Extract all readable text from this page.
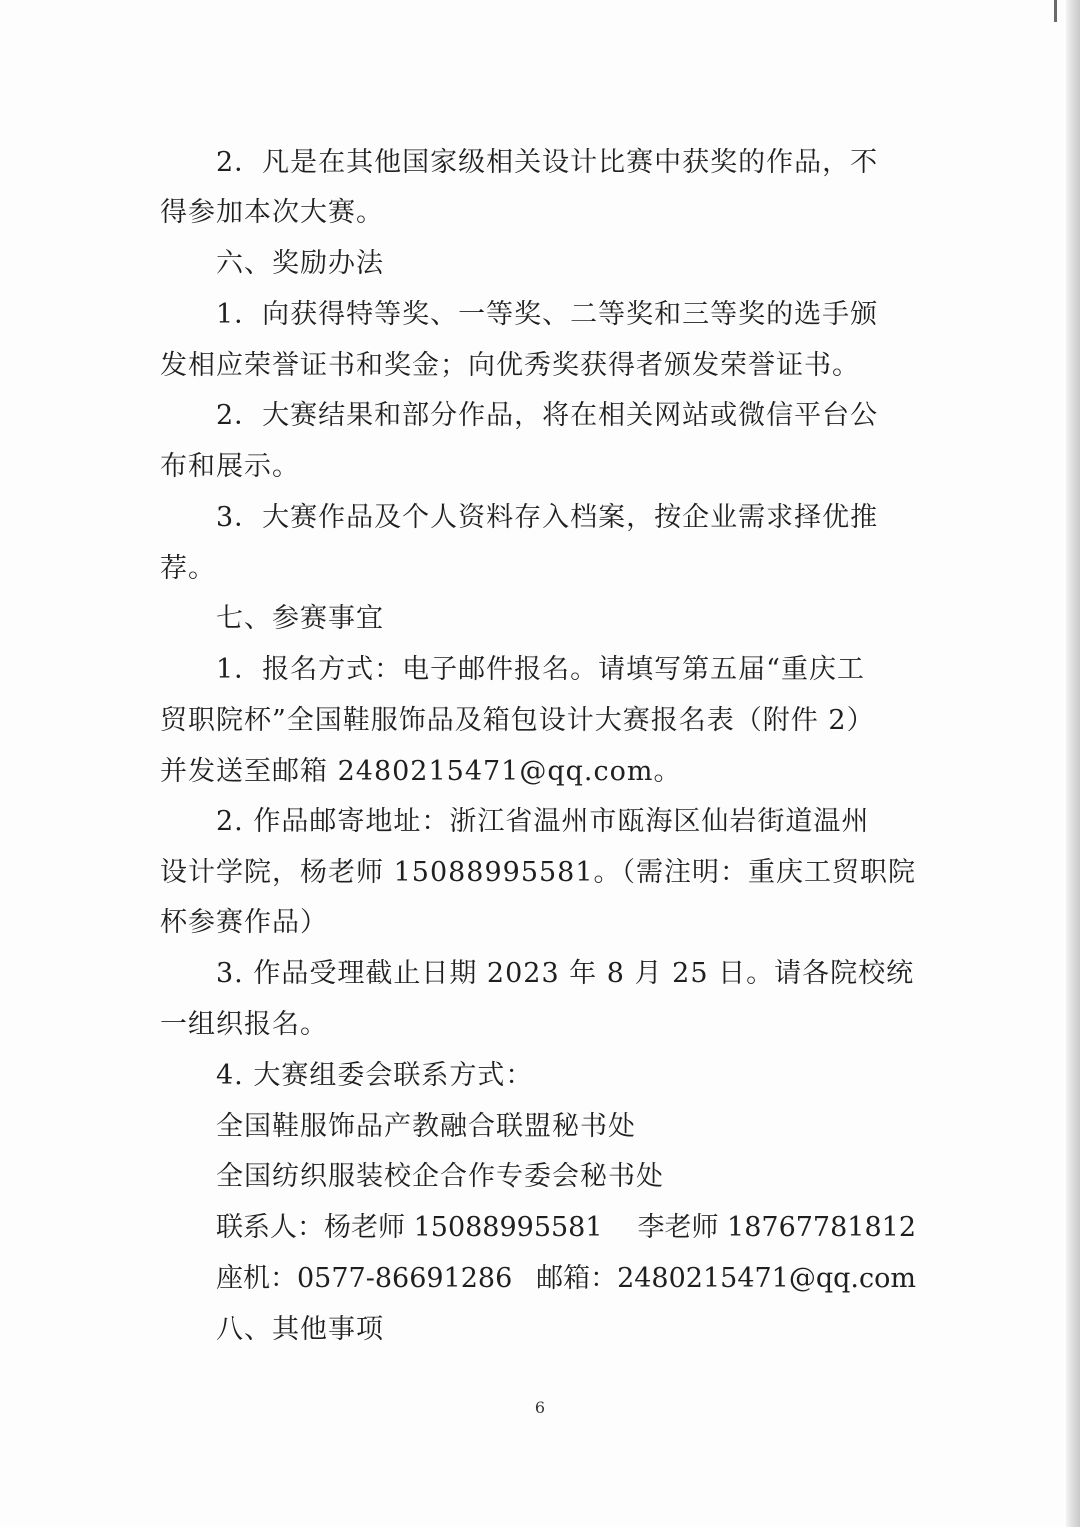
2．凡是在其他国家级相关设计比赛中获奖的作品，不
得参加本次大赛。
六、奖励办法
1．向获得特等奖、一等奖、二等奖和三等奖的选手颁
发相应荣誉证书和奖金；向优秀奖获得者颁发荣誉证书。
2．大赛结果和部分作品，将在相关网站或微信平台公
布和展示。
3．大赛作品及个人资料存入档案，按企业需求择优推
荐。
七、参赛事宜
1．报名方式：电子邮件报名。请填写第五届“重庆工
贸职院杯”全国鞋服饰品及箱包设计大赛报名表（附件 2）
并发送至邮箱 2480215471@qq.com。
2. 作品邮寄地址：浙江省温州市瓯海区仙岩街道温州
设计学院，杨老师 15088995581。（需注明：重庆工贸职院
杯参赛作品）
3. 作品受理截止日期 2023 年 8 月 25 日。请各院校统
一组织报名。
4. 大赛组委会联系方式：
全国鞋服饰品产教融合联盟秘书处
全国纺织服装校企合作专委会秘书处
联系人：杨老师 15088995581 李老师 18767781812
座机：0577-86691286 邮箱：2480215471@qq.com
八、其他事项
6
